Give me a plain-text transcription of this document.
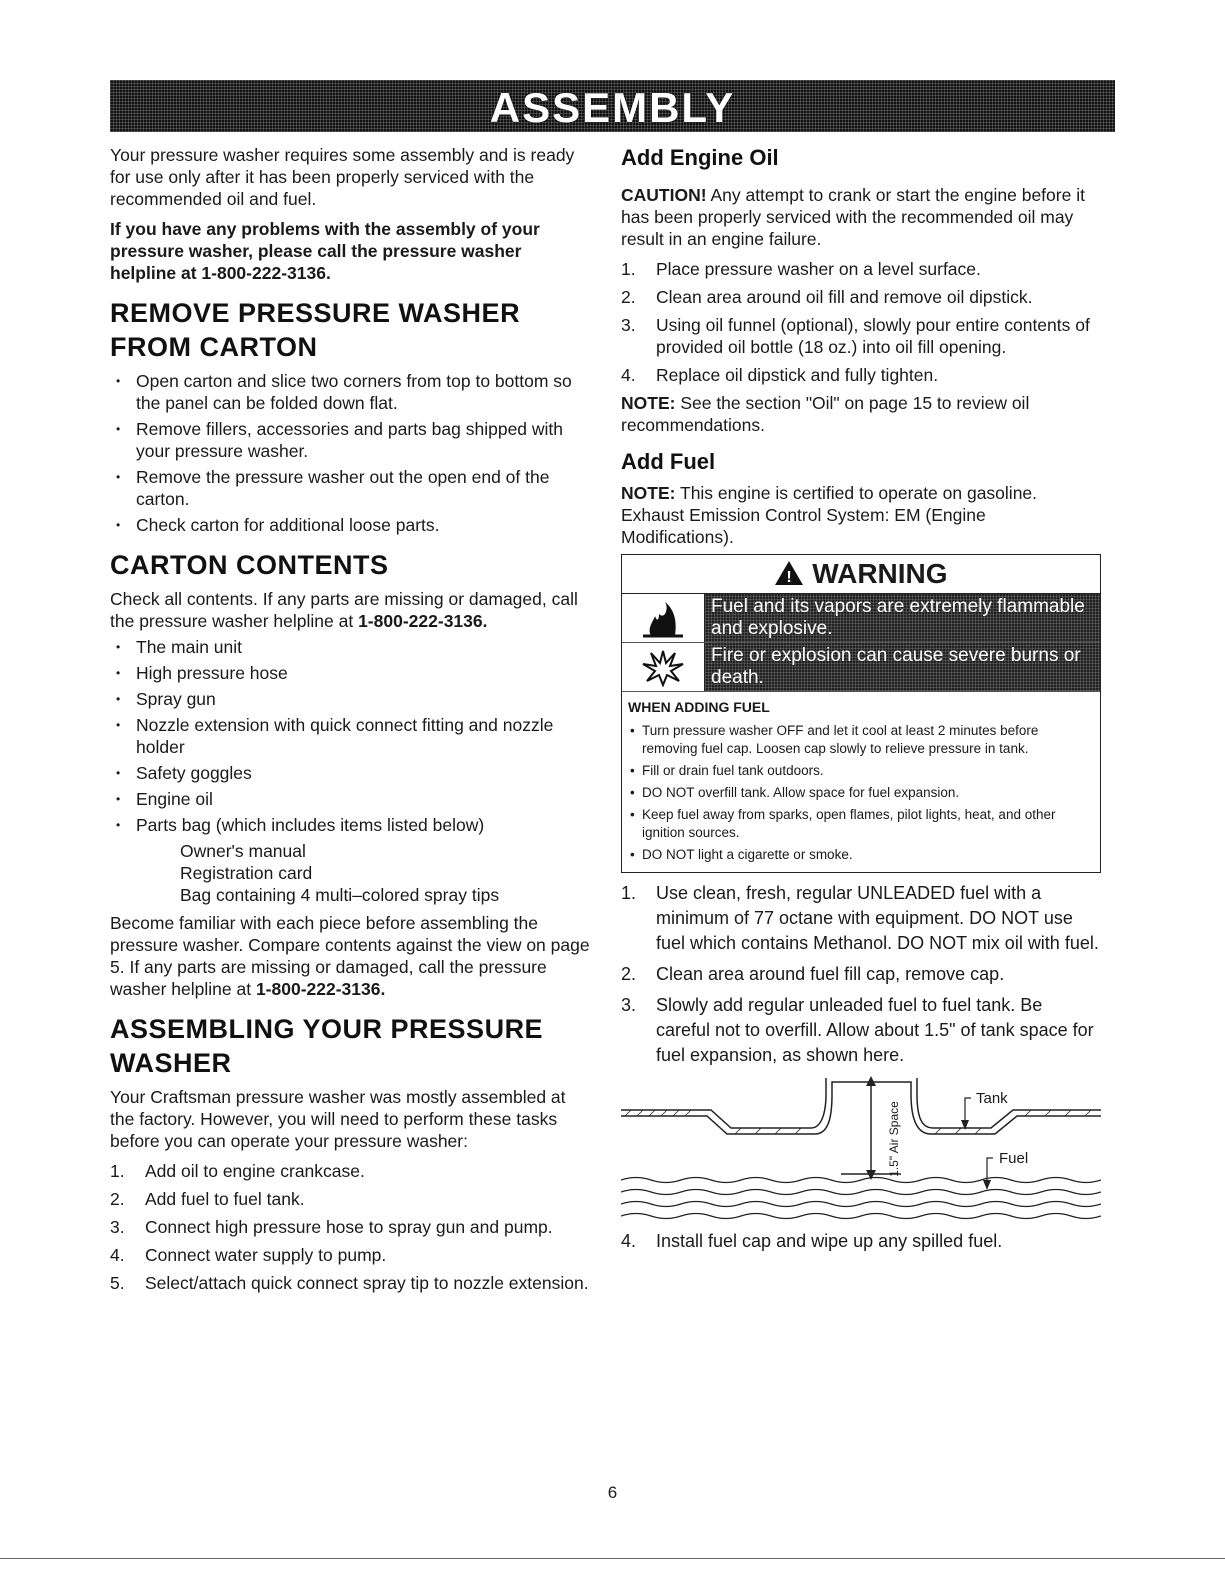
ASSEMBLY

Your pressure washer requires some assembly and is ready for use only after it has been properly serviced with the recommended oil and fuel.

If you have any problems with the assembly of your pressure washer, please call the pressure washer helpline at 1-800-222-3136.

REMOVE PRESSURE WASHER FROM CARTON
• Open carton and slice two corners from top to bottom so the panel can be folded down flat.
• Remove fillers, accessories and parts bag shipped with your pressure washer.
• Remove the pressure washer out the open end of the carton.
• Check carton for additional loose parts.
CARTON CONTENTS

Check all contents. If any parts are missing or damaged, call the pressure washer helpline at 1-800-222-3136.

• The main unit
• High pressure hose
• Spray gun
• Nozzle extension with quick connect fitting and nozzle holder
• Safety goggles
• Engine oil
• Parts bag (which includes items listed below)
Owner's manual
Registration card
Bag containing 4 multi–colored spray tips

Become familiar with each piece before assembling the pressure washer. Compare contents against the view on page 5. If any parts are missing or damaged, call the pressure washer helpline at 1-800-222-3136.

ASSEMBLING YOUR PRESSURE WASHER

Your Craftsman pressure washer was mostly assembled at the factory. However, you will need to perform these tasks before you can operate your pressure washer:

1. Add oil to engine crankcase.
2. Add fuel to fuel tank.
3. Connect high pressure hose to spray gun and pump.
4. Connect water supply to pump.
5. Select/attach quick connect spray tip to nozzle extension.
Add Engine Oil

CAUTION! Any attempt to crank or start the engine before it has been properly serviced with the recommended oil may result in an engine failure.

1. Place pressure washer on a level surface.
2. Clean area around oil fill and remove oil dipstick.
3. Using oil funnel (optional), slowly pour entire contents of provided oil bottle (18 oz.) into oil fill opening.
4. Replace oil dipstick and fully tighten.

NOTE: See the section "Oil" on page 15 to review oil recommendations.

Add Fuel

NOTE: This engine is certified to operate on gasoline. Exhaust Emission Control System: EM (Engine Modifications).

! WARNING
Fuel and its vapors are extremely flammable and explosive.
Fire or explosion can cause severe burns or death.
WHEN ADDING FUEL
• Turn pressure washer OFF and let it cool at least 2 minutes before removing fuel cap. Loosen cap slowly to relieve pressure in tank.
• Fill or drain fuel tank outdoors.
• DO NOT overfill tank. Allow space for fuel expansion.
• Keep fuel away from sparks, open flames, pilot lights, heat, and other ignition sources.
• DO NOT light a cigarette or smoke.
1. Use clean, fresh, regular UNLEADED fuel with a minimum of 77 octane with equipment. DO NOT use fuel which contains Methanol. DO NOT mix oil with fuel.
2. Clean area around fuel fill cap, remove cap.
3. Slowly add regular unleaded fuel to fuel tank. Be careful not to overfill. Allow about 1.5" of tank space for fuel expansion, as shown here.
Tank
Fuel
1.5" Air Space
4. Install fuel cap and wipe up any spilled fuel.
6
